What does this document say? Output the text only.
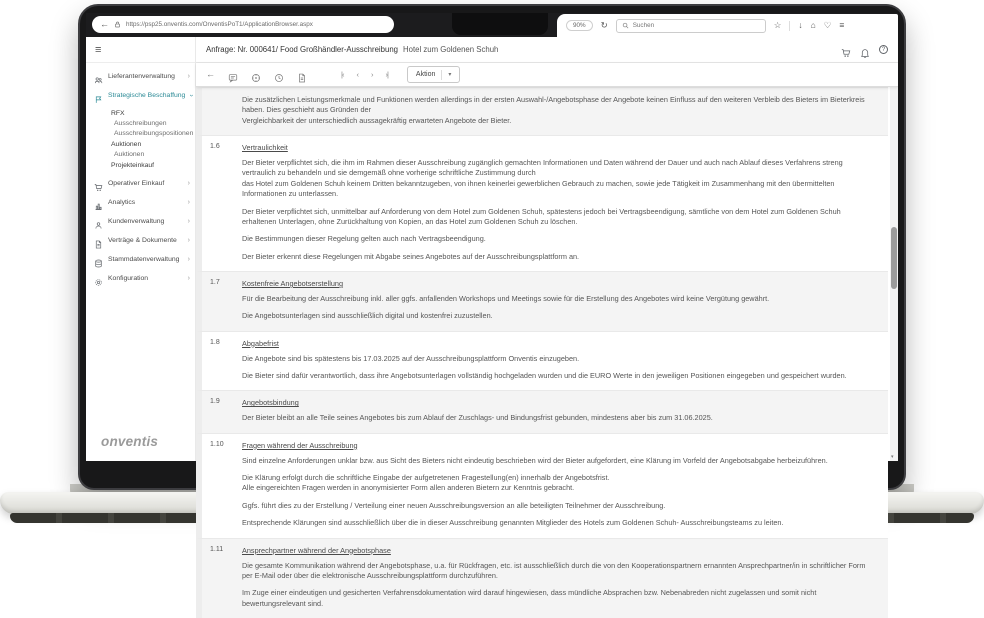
←	https://psp25.onventis.com/OnventisPoT1/ApplicationBrowser.aspx	90%	↻
Suchen	☆ ↓ ⌂ ♡ ≡
≡
Lieferantenverwaltung ›
Strategische Beschaffung ›
RFX
Ausschreibungen
Ausschreibungspositionen
Auktionen
Auktionen
Projekteinkauf
Operativer Einkauf	›
Analytics	›
Kundenverwaltung	›
Verträge & Dokumente ›
Stammdatenverwaltung ›
Konfiguration	›
onventis
Anfrage: Nr. 000641/ Food Großhändler-Ausschreibung Hotel zum Goldenen Schuh	?
←	|‹ ‹ › ›|	Aktion ▾
Die zusätzlichen Leistungsmerkmale und Funktionen werden allerdings in der ersten Auswahl-/Angebotsphase der Angebote keinen Einfluss auf den weiteren Verbleib des Bieters im Bieterkreis haben. Dies geschieht aus Gründen der
Vergleichbarkeit der unterschiedlich aussagekräftig erwarteten Angebote der Bieter.
1.6	Vertraulichkeit
Der Bieter verpflichtet sich, die ihm im Rahmen dieser Ausschreibung zugänglich gemachten Informationen und Daten während der Dauer und auch nach Ablauf dieses Verfahrens streng vertraulich zu behandeln und sie demgemäß ohne vorherige schriftliche Zustimmung durch
das Hotel zum Goldenen Schuh keinem Dritten bekanntzugeben, von ihnen keinerlei gewerblichen Gebrauch zu machen, sowie jede Tätigkeit im Zusammenhang mit den übermittelten Informationen zu unterlassen.
Der Bieter verpflichtet sich, unmittelbar auf Anforderung von dem Hotel zum Goldenen Schuh, spätestens jedoch bei Vertragsbeendigung, sämtliche von dem Hotel zum Goldenen Schuh erhaltenen Unterlagen, ohne Zurückhaltung von Kopien, an das Hotel zum Goldenen Schuh zu löschen.
Die Bestimmungen dieser Regelung gelten auch nach Vertragsbeendigung.
Der Bieter erkennt diese Regelungen mit Abgabe seines Angebotes auf der Ausschreibungsplattform an.
1.7	Kostenfreie Angebotserstellung
Für die Bearbeitung der Ausschreibung inkl. aller ggfs. anfallenden Workshops und Meetings sowie für die Erstellung des Angebotes wird keine Vergütung gewährt.
Die Angebotsunterlagen sind ausschließlich digital und kostenfrei zuzustellen.
1.8	Abgabefrist
Die Angebote sind bis spätestens bis 17.03.2025 auf der Ausschreibungsplattform Onventis einzugeben.
Die Bieter sind dafür verantwortlich, dass ihre Angebotsunterlagen vollständig hochgeladen wurden und die EURO Werte in den jeweiligen Positionen eingegeben und gespeichert wurden.
1.9	Angebotsbindung
Der Bieter bleibt an alle Teile seines Angebotes bis zum Ablauf der Zuschlags- und Bindungsfrist gebunden, mindestens aber bis zum 31.06.2025.
1.10	Fragen während der Ausschreibung
Sind einzelne Anforderungen unklar bzw. aus Sicht des Bieters nicht eindeutig beschrieben wird der Bieter aufgefordert, eine Klärung im Vorfeld der Angebotsabgabe herbeizuführen.
Die Klärung erfolgt durch die schriftliche Eingabe der aufgetretenen Fragestellung(en) innerhalb der Angebotsfrist.
Alle eingereichten Fragen werden in anonymisierter Form allen anderen Bietern zur Kenntnis gebracht.
Ggfs. führt dies zu der Erstellung / Verteilung einer neuen Ausschreibungsversion an alle beteiligten Teilnehmer der Ausschreibung.
Entsprechende Klärungen sind ausschließlich über die in dieser Ausschreibung genannten Mitglieder des Hotels zum Goldenen Schuh- Ausschreibungsteams zu leiten.
1.11	Ansprechpartner während der Angebotsphase
Die gesamte Kommunikation während der Angebotsphase, u.a. für Rückfragen, etc. ist ausschließlich durch die von den Kooperationspartnern ernannten Ansprechpartner/in in schriftlicher Form per E-Mail oder über die elektronische Ausschreibungsplattform durchzuführen.
Im Zuge einer eindeutigen und gesicherten Verfahrensdokumentation wird darauf hingewiesen, dass mündliche Absprachen bzw. Nebenabreden nicht zugelassen und somit nicht bewertungsrelevant sind.
▾
